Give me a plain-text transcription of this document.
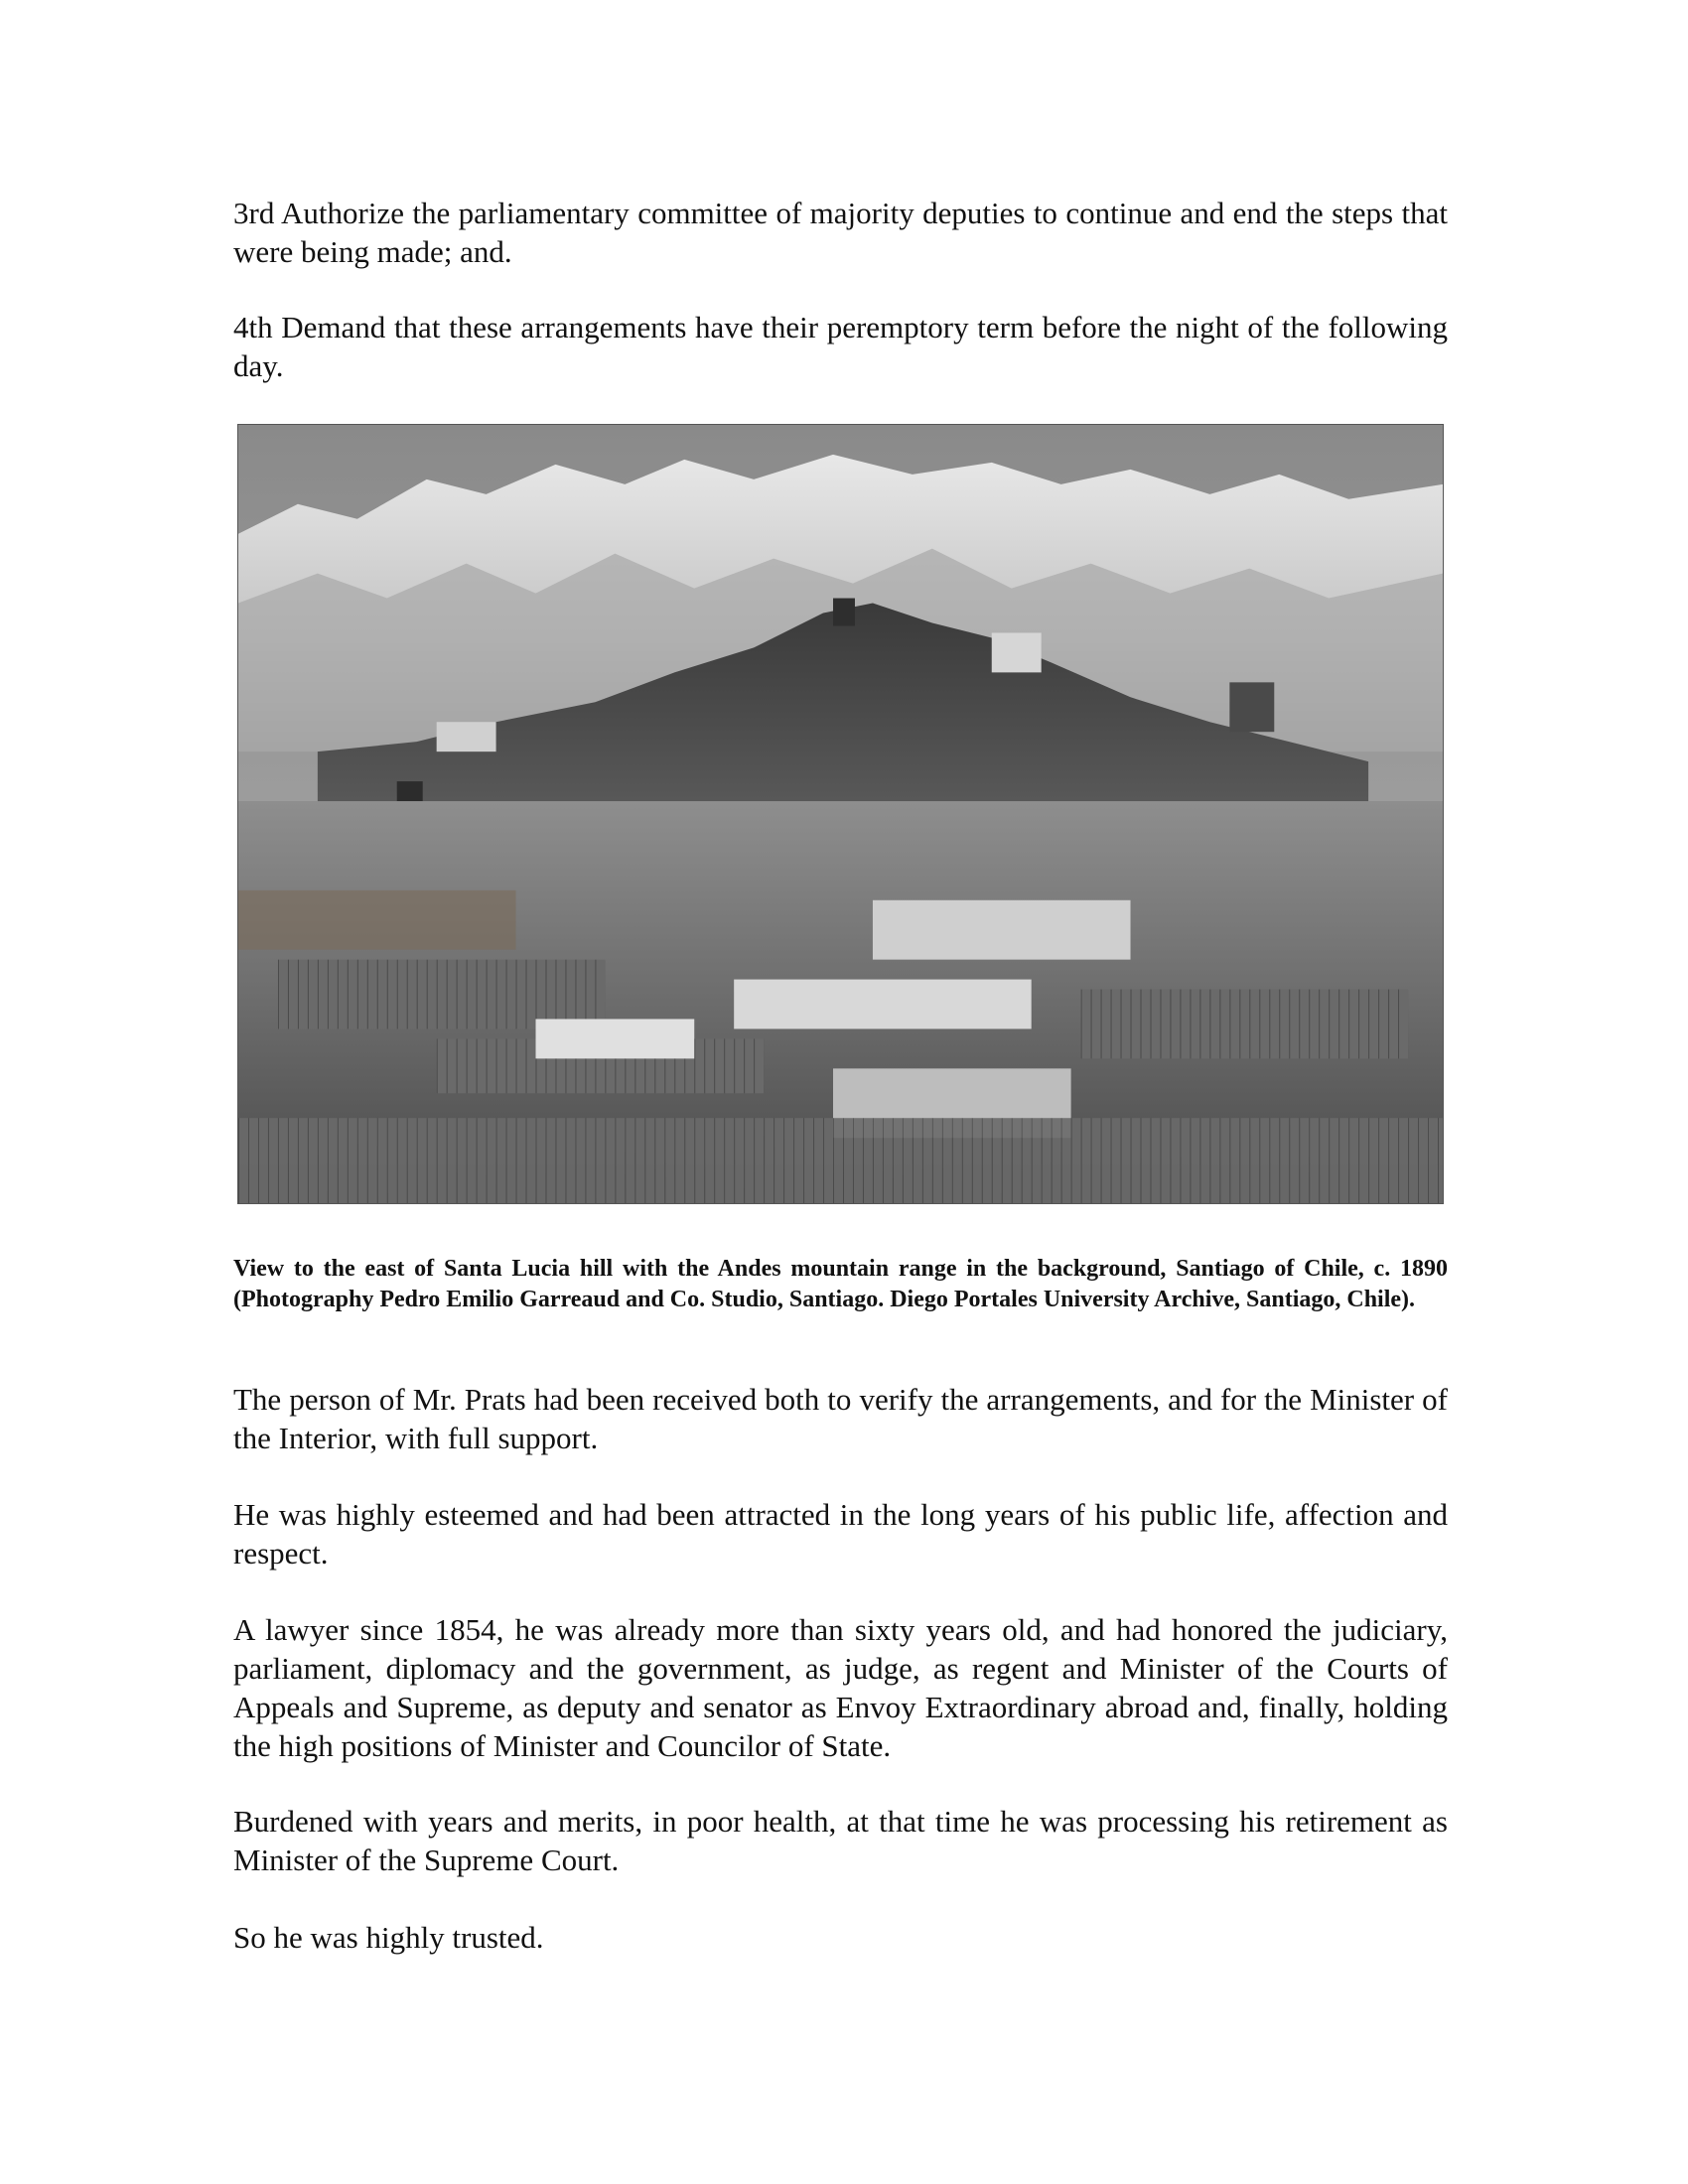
3rd Authorize the parliamentary committee of majority deputies to continue and end the steps that were being made; and.

4th Demand that these arrangements have their peremptory term before the night of the following day.

View to the east of Santa Lucia hill with the Andes mountain range in the background, Santiago of Chile, c. 1890 (Photography Pedro Emilio Garreaud and Co. Studio, Santiago. Diego Portales University Archive, Santiago, Chile).

The person of Mr. Prats had been received both to verify the arrangements, and for the Minister of the Interior, with full support.

He was highly esteemed and had been attracted in the long years of his public life, affection and respect.

A lawyer since 1854, he was already more than sixty years old, and had honored the judiciary, parliament, diplomacy and the government, as judge, as regent and Minister of the Courts of Appeals and Supreme, as deputy and senator as Envoy Extraordinary abroad and, finally, holding the high positions of Minister and Councilor of State.

Burdened with years and merits, in poor health, at that time he was processing his retirement as Minister of the Supreme Court.

So he was highly trusted.
